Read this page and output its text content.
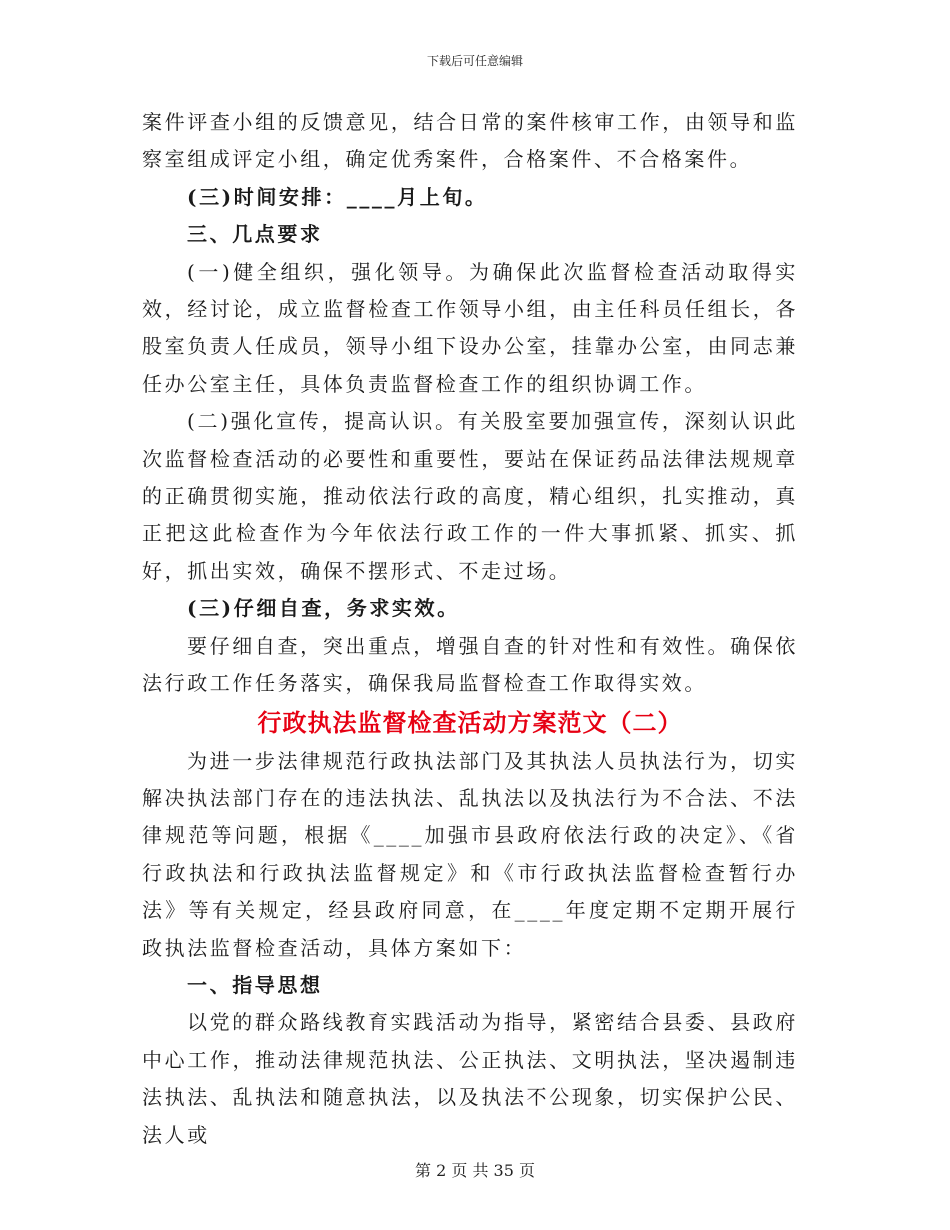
下载后可任意编辑

案件评查小组的反馈意见，结合日常的案件核审工作，由领导和监察室组成评定小组，确定优秀案件，合格案件、不合格案件。

(三)时间安排：____月上旬。

三、几点要求

(一)健全组织，强化领导。为确保此次监督检查活动取得实效，经讨论，成立监督检查工作领导小组，由主任科员任组长，各股室负责人任成员，领导小组下设办公室，挂靠办公室，由同志兼任办公室主任，具体负责监督检查工作的组织协调工作。

(二)强化宣传，提高认识。有关股室要加强宣传，深刻认识此次监督检查活动的必要性和重要性，要站在保证药品法律法规规章的正确贯彻实施，推动依法行政的高度，精心组织，扎实推动，真正把这此检查作为今年依法行政工作的一件大事抓紧、抓实、抓好，抓出实效，确保不摆形式、不走过场。

(三)仔细自查，务求实效。

要仔细自查，突出重点，增强自查的针对性和有效性。确保依法行政工作任务落实，确保我局监督检查工作取得实效。

行政执法监督检查活动方案范文（二）

为进一步法律规范行政执法部门及其执法人员执法行为，切实解决执法部门存在的违法执法、乱执法以及执法行为不合法、不法律规范等问题，根据《____加强市县政府依法行政的决定》、《省行政执法和行政执法监督规定》和《市行政执法监督检查暂行办法》等有关规定，经县政府同意，在____年度定期不定期开展行政执法监督检查活动，具体方案如下：

一、指导思想

以党的群众路线教育实践活动为指导，紧密结合县委、县政府中心工作，推动法律规范执法、公正执法、文明执法，坚决遏制违法执法、乱执法和随意执法，以及执法不公现象，切实保护公民、法人或

第 2 页 共 35 页
